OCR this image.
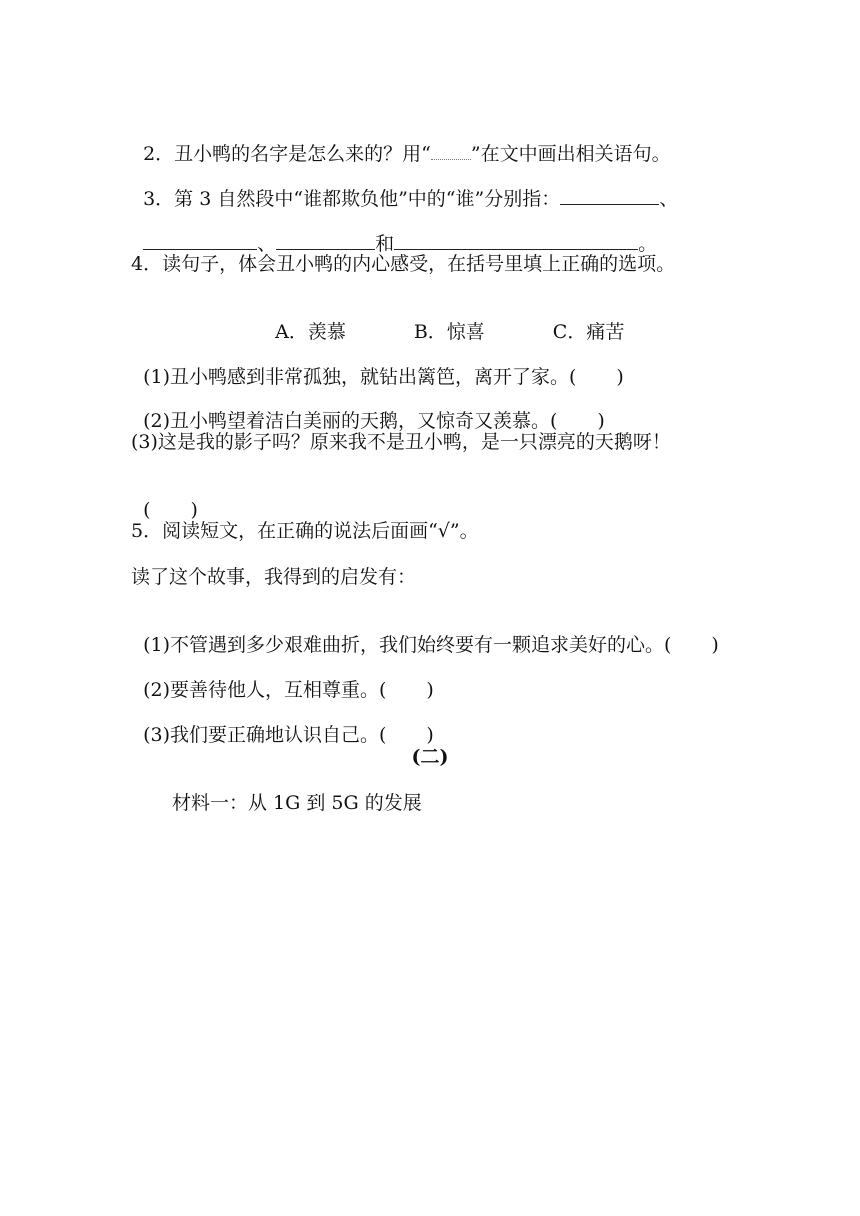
2．丑小鸭的名字是怎么来的？用“ ”在文中画出相关语句。

3．第 3 自然段中“谁都欺负他”中的“谁”分别指：	、

、	和	。

4．读句子，体会丑小鸭的内心感受，在括号里填上正确的选项。

A．羡慕	B．惊喜	C．痛苦

(1)丑小鸭感到非常孤独，就钻出篱笆，离开了家。( )

(2)丑小鸭望着洁白美丽的天鹅，又惊奇又羡慕。( )

(3)这是我的影子吗？原来我不是丑小鸭，是一只漂亮的天鹅呀！

( )

5．阅读短文，在正确的说法后面画“√”。
读了这个故事，我得到的启发有：

(1)不管遇到多少艰难曲折，我们始终要有一颗追求美好的心。( )

(2)要善待他人，互相尊重。( )

(3)我们要正确地认识自己。( )

(二)
材料一：从 1G 到 5G 的发展
